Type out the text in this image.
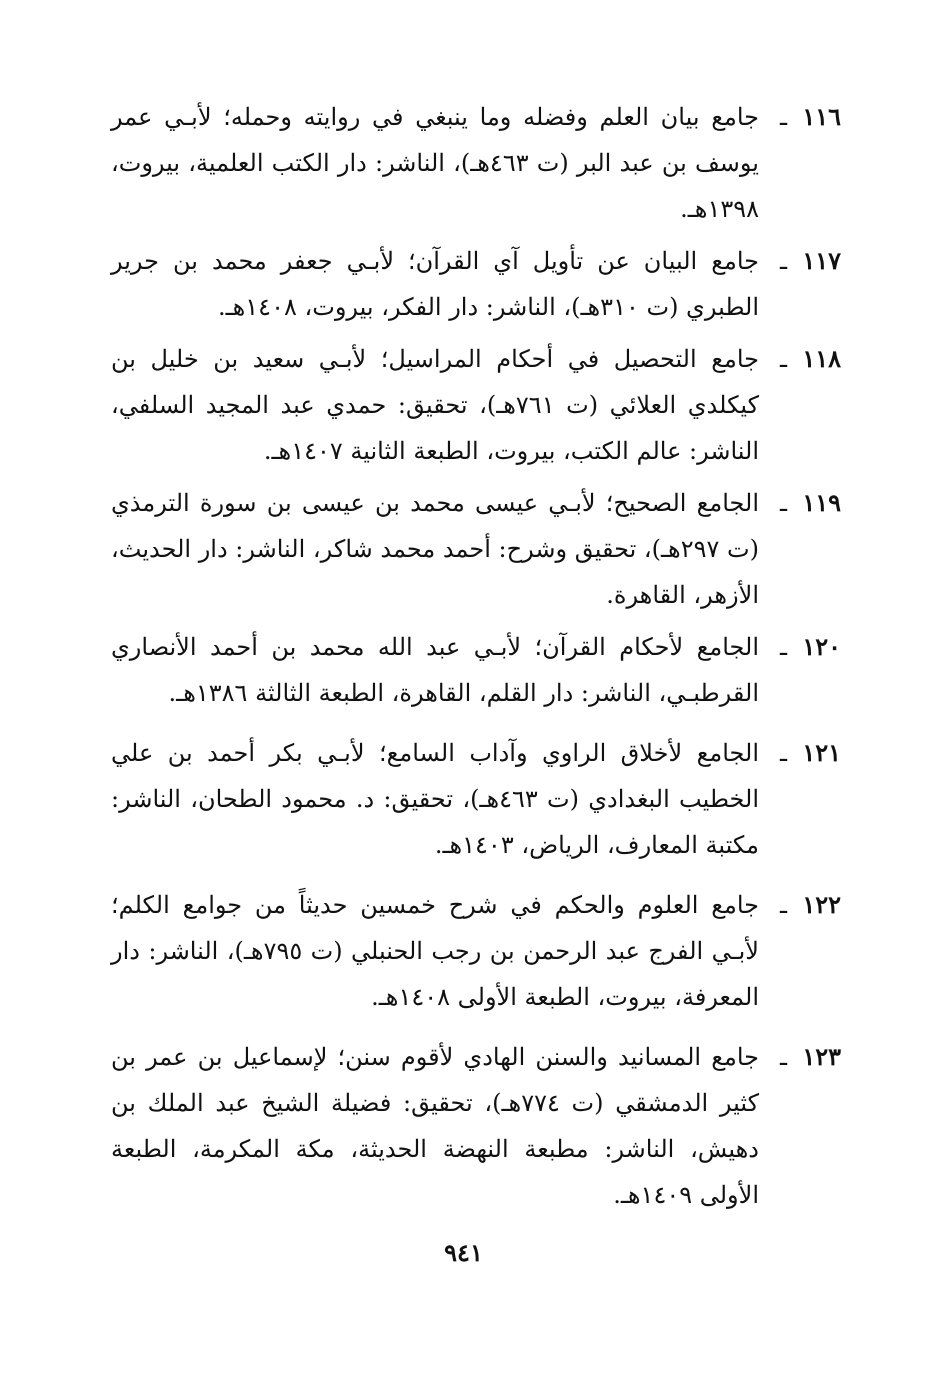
١١٦
ـ
جامع بيان العلم وفضله وما ينبغي في روايته وحمله؛ لأبـي عمر يوسف بن عبد البر (ت ٤٦٣هـ)، الناشر: دار الكتب العلمية، بيروت، ١٣٩٨هـ.
١١٧
ـ
جامع البيان عن تأويل آي القرآن؛ لأبـي جعفر محمد بن جرير الطبري (ت ٣١٠هـ)، الناشر: دار الفكر، بيروت، ١٤٠٨هـ.
١١٨
ـ
جامع التحصيل في أحكام المراسيل؛ لأبـي سعيد بن خليل بن كيكلدي العلائي (ت ٧٦١هـ)، تحقيق: حمدي عبد المجيد السلفي، الناشر: عالم الكتب، بيروت، الطبعة الثانية ١٤٠٧هـ.
١١٩
ـ
الجامع الصحيح؛ لأبـي عيسى محمد بن عيسى بن سورة الترمذي (ت ٢٩٧هـ)، تحقيق وشرح: أحمد محمد شاكر، الناشر: دار الحديث، الأزهر، القاهرة.
١٢٠
ـ
الجامع لأحكام القرآن؛ لأبـي عبد الله محمد بن أحمد الأنصاري القرطبـي، الناشر: دار القلم، القاهرة، الطبعة الثالثة ١٣٨٦هـ.
١٢١
ـ
الجامع لأخلاق الراوي وآداب السامع؛ لأبـي بكر أحمد بن علي الخطيب البغدادي (ت ٤٦٣هـ)، تحقيق: د. محمود الطحان، الناشر: مكتبة المعارف، الرياض، ١٤٠٣هـ.
١٢٢
ـ
جامع العلوم والحكم في شرح خمسين حديثاً من جوامع الكلم؛ لأبـي الفرج عبد الرحمن بن رجب الحنبلي (ت ٧٩٥هـ)، الناشر: دار المعرفة، بيروت، الطبعة الأولى ١٤٠٨هـ.
١٢٣
ـ
جامع المسانيد والسنن الهادي لأقوم سنن؛ لإسماعيل بن عمر بن كثير الدمشقي (ت ٧٧٤هـ)، تحقيق: فضيلة الشيخ عبد الملك بن دهيش، الناشر: مطبعة النهضة الحديثة، مكة المكرمة، الطبعة الأولى ١٤٠٩هـ.
٩٤١
